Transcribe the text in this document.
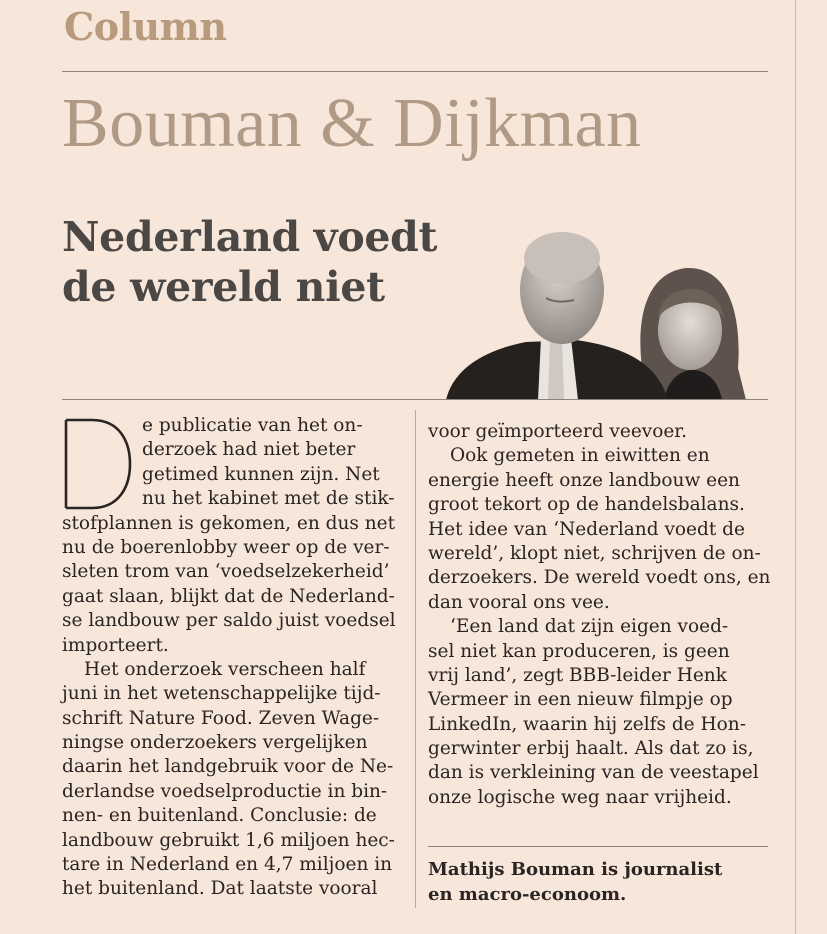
Column
Bouman & Dijkman
Nederland voedt
de wereld niet
e publicatie van het on-
derzoek had niet beter
getimed kunnen zijn. Net
nu het kabinet met de stik-
stofplannen is gekomen, en dus net
nu de boerenlobby weer op de ver-
sleten trom van ‘voedselzekerheid’
gaat slaan, blijkt dat de Nederland-
se landbouw per saldo juist voedsel
importeert.
Het onderzoek verscheen half
juni in het wetenschappelijke tijd-
schrift Nature Food. Zeven Wage-
ningse onderzoekers vergelijken
daarin het landgebruik voor de Ne-
derlandse voedselproductie in bin-
nen- en buitenland. Conclusie: de
landbouw gebruikt 1,6 miljoen hec-
tare in Nederland en 4,7 miljoen in
het buitenland. Dat laatste vooral
voor geïmporteerd veevoer.
Ook gemeten in eiwitten en
energie heeft onze landbouw een
groot tekort op de handelsbalans.
Het idee van ‘Nederland voedt de
wereld’, klopt niet, schrijven de on-
derzoekers. De wereld voedt ons, en
dan vooral ons vee.
‘Een land dat zijn eigen voed-
sel niet kan produceren, is geen
vrij land’, zegt BBB-leider Henk
Vermeer in een nieuw filmpje op
LinkedIn, waarin hij zelfs de Hon-
gerwinter erbij haalt. Als dat zo is,
dan is verkleining van de veestapel
onze logische weg naar vrijheid.
Mathijs Bouman is journalist
en macro-econoom.
